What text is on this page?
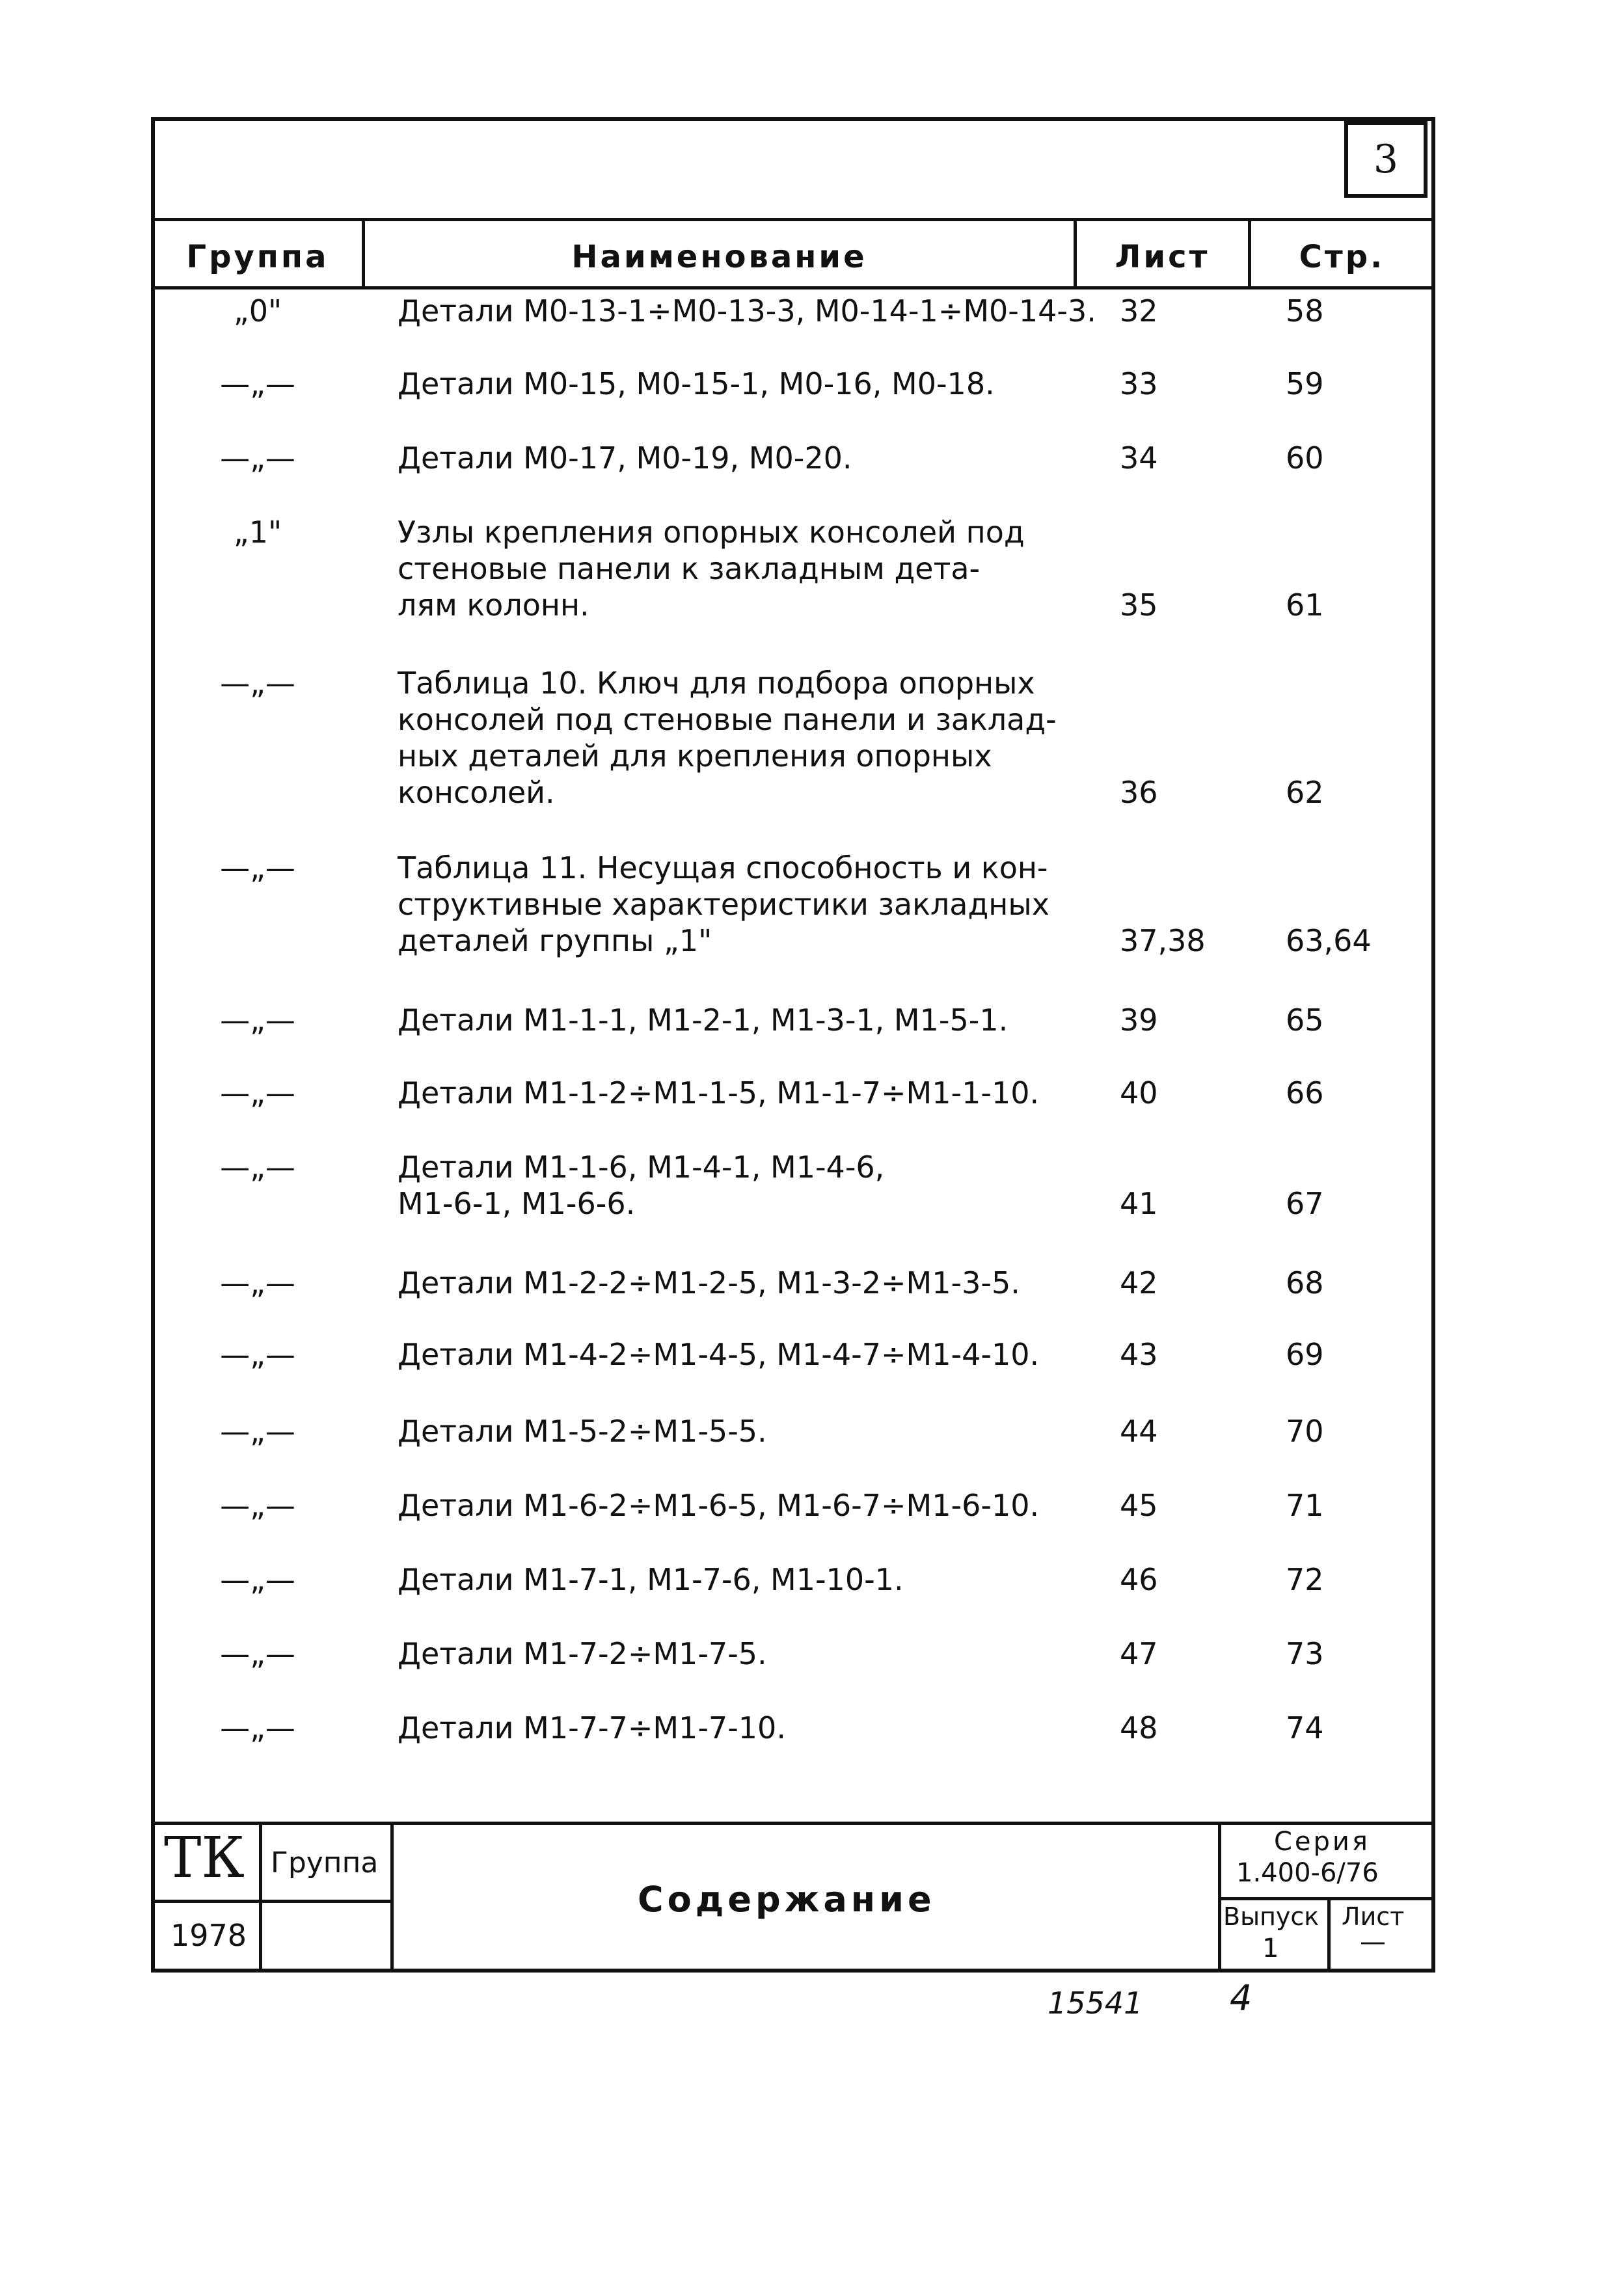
3
Группа	Наименование	Лист	Стр.
„0"	Детали М0-13-1÷М0-13-3, М0-14-1÷М0-14-3. 32	58
—„—	Детали М0-15, М0-15-1, М0-16, М0-18.	33	59
—„—	Детали М0-17, М0-19, М0-20.	34	60
„1"	Узлы крепления опорных консолей под
стеновые панели к закладным дета-
лям колонн.	35	61
—„—	Таблица 10. Ключ для подбора опорных
консолей под стеновые панели и заклад-
ных деталей для крепления опорных
консолей.	36	62
—„—	Таблица 11. Несущая способность и кон-
структивные характеристики закладных
деталей группы „1"	37,38	63,64
—„—	Детали М1-1-1, М1-2-1, М1-3-1, М1-5-1.	39	65
—„—	Детали М1-1-2÷М1-1-5, М1-1-7÷М1-1-10.	40	66
—„—	Детали М1-1-6, М1-4-1, М1-4-6,
М1-6-1, М1-6-6.	41	67
—„—	Детали М1-2-2÷М1-2-5, М1-3-2÷М1-3-5.	42	68
—„—	Детали М1-4-2÷М1-4-5, М1-4-7÷М1-4-10.	43	69
—„—	Детали М1-5-2÷М1-5-5.	44	70
—„—	Детали М1-6-2÷М1-6-5, М1-6-7÷М1-6-10.	45	71
—„—	Детали М1-7-1, М1-7-6, М1-10-1.	46	72
—„—	Детали М1-7-2÷М1-7-5.	47	73
—„—	Детали М1-7-7÷М1-7-10.	48	74
ТК Группа
1978
Содержание
Серия
1.400-6/76
Выпуск
1
Лист
—
15541 4
